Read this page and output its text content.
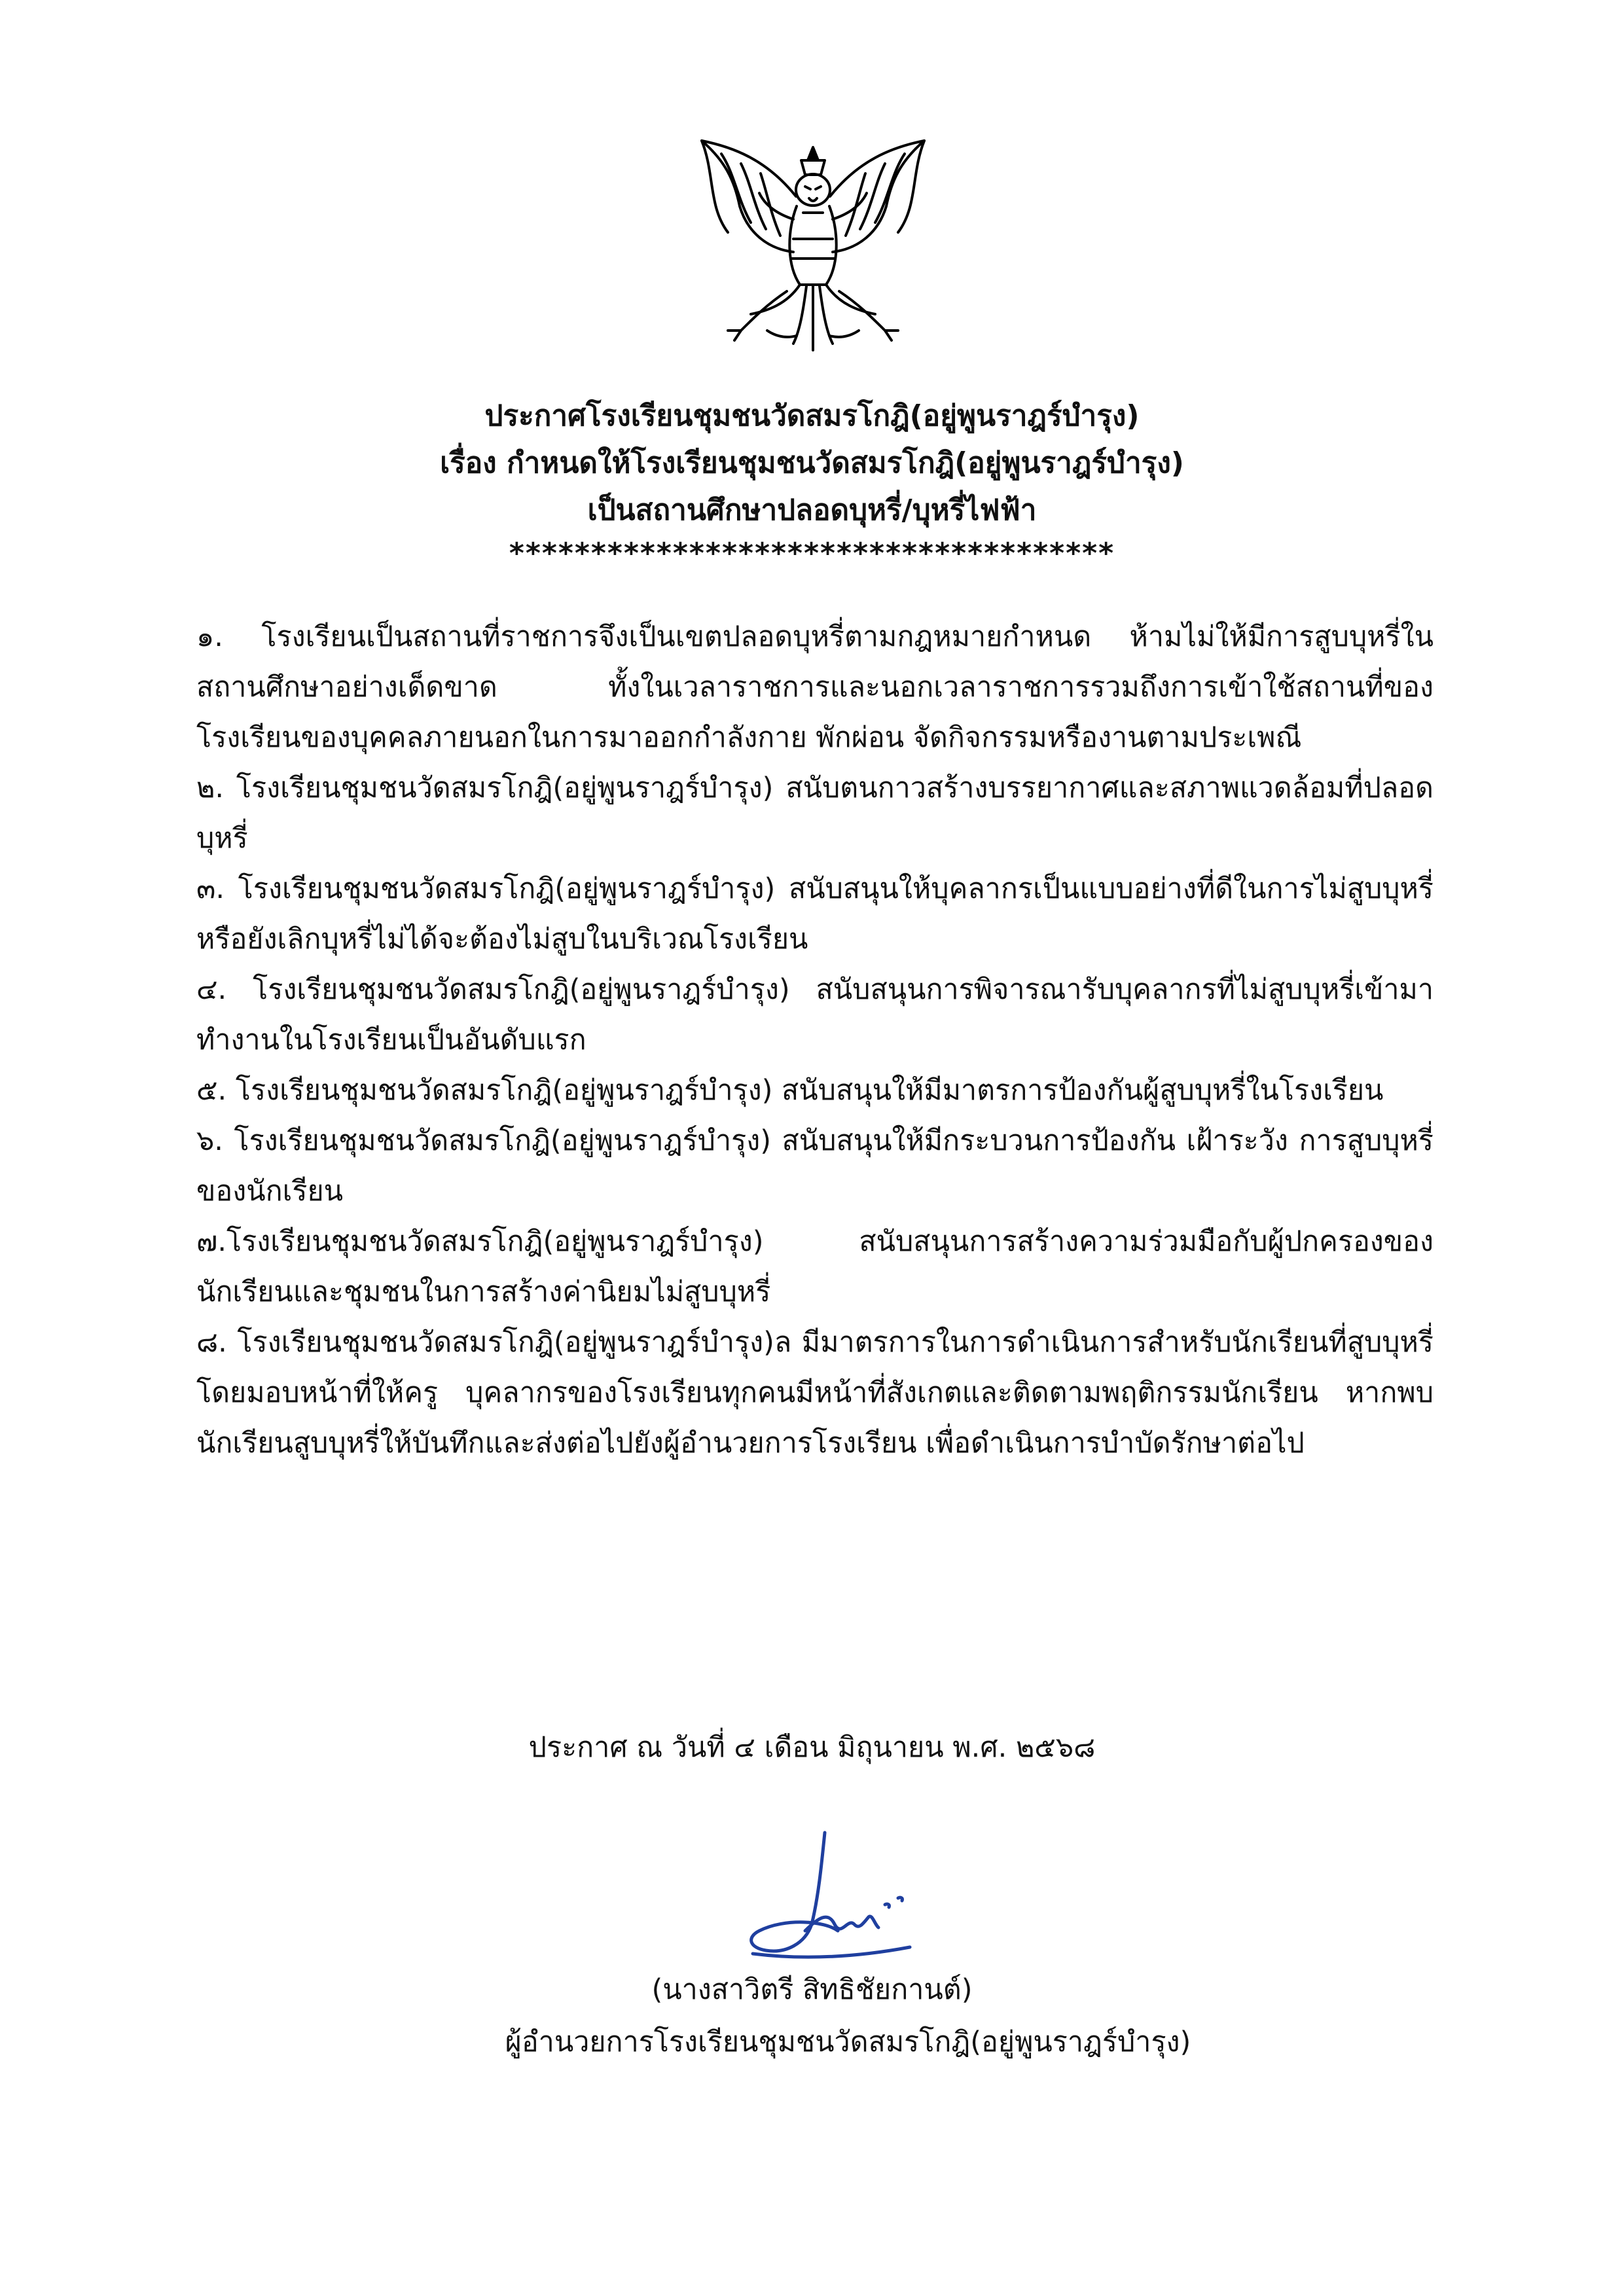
ประกาศโรงเรียนชุมชนวัดสมรโกฎิ(อยู่พูนราฎร์บำรุง)
เรื่อง กำหนดให้โรงเรียนชุมชนวัดสมรโกฎิ(อยู่พูนราฎร์บำรุง)
เป็นสถานศึกษาปลอดบุหรี่/บุหรี่ไฟฟ้า
*************************************

๑. โรงเรียนเป็นสถานที่ราชการจึงเป็นเขตปลอดบุหรี่ตามกฎหมายกำหนด ห้ามไม่ให้มีการสูบบุหรี่ในสถานศึกษาอย่างเด็ดขาด ทั้งในเวลาราชการและนอกเวลาราชการรวมถึงการเข้าใช้สถานที่ของโรงเรียนของบุคคลภายนอกในการมาออกกำลังกาย พักผ่อน จัดกิจกรรมหรืองานตามประเพณี

๒. โรงเรียนชุมชนวัดสมรโกฎิ(อยู่พูนราฎร์บำรุง) สนับตนกาวสร้างบรรยากาศและสภาพแวดล้อมที่ปลอดบุหรี่

๓. โรงเรียนชุมชนวัดสมรโกฎิ(อยู่พูนราฎร์บำรุง) สนับสนุนให้บุคลากรเป็นแบบอย่างที่ดีในการไม่สูบบุหรี่หรือยังเลิกบุหรี่ไม่ได้จะต้องไม่สูบในบริเวณโรงเรียน

๔. โรงเรียนชุมชนวัดสมรโกฎิ(อยู่พูนราฎร์บำรุง) สนับสนุนการพิจารณารับบุคลากรที่ไม่สูบบุหรี่เข้ามาทำงานในโรงเรียนเป็นอันดับแรก

๕. โรงเรียนชุมชนวัดสมรโกฎิ(อยู่พูนราฎร์บำรุง) สนับสนุนให้มีมาตรการป้องกันผู้สูบบุหรี่ในโรงเรียน

๖. โรงเรียนชุมชนวัดสมรโกฎิ(อยู่พูนราฎร์บำรุง) สนับสนุนให้มีกระบวนการป้องกัน เฝ้าระวัง การสูบบุหรี่ของนักเรียน

๗.โรงเรียนชุมชนวัดสมรโกฎิ(อยู่พูนราฎร์บำรุง) สนับสนุนการสร้างความร่วมมือกับผู้ปกครองของนักเรียนและชุมชนในการสร้างค่านิยมไม่สูบบุหรี่

๘. โรงเรียนชุมชนวัดสมรโกฎิ(อยู่พูนราฎร์บำรุง)ล มีมาตรการในการดำเนินการสำหรับนักเรียนที่สูบบุหรี่ โดยมอบหน้าที่ให้ครู บุคลากรของโรงเรียนทุกคนมีหน้าที่สังเกตและติดตามพฤติกรรมนักเรียน หากพบนักเรียนสูบบุหรี่ให้บันทึกและส่งต่อไปยังผู้อำนวยการโรงเรียน เพื่อดำเนินการบำบัดรักษาต่อไป

ประกาศ ณ วันที่ ๔ เดือน มิถุนายน พ.ศ. ๒๕๖๘
(นางสาวิตรี สิทธิชัยกานต์)
ผู้อำนวยการโรงเรียนชุมชนวัดสมรโกฎิ(อยู่พูนราฎร์บำรุง)
